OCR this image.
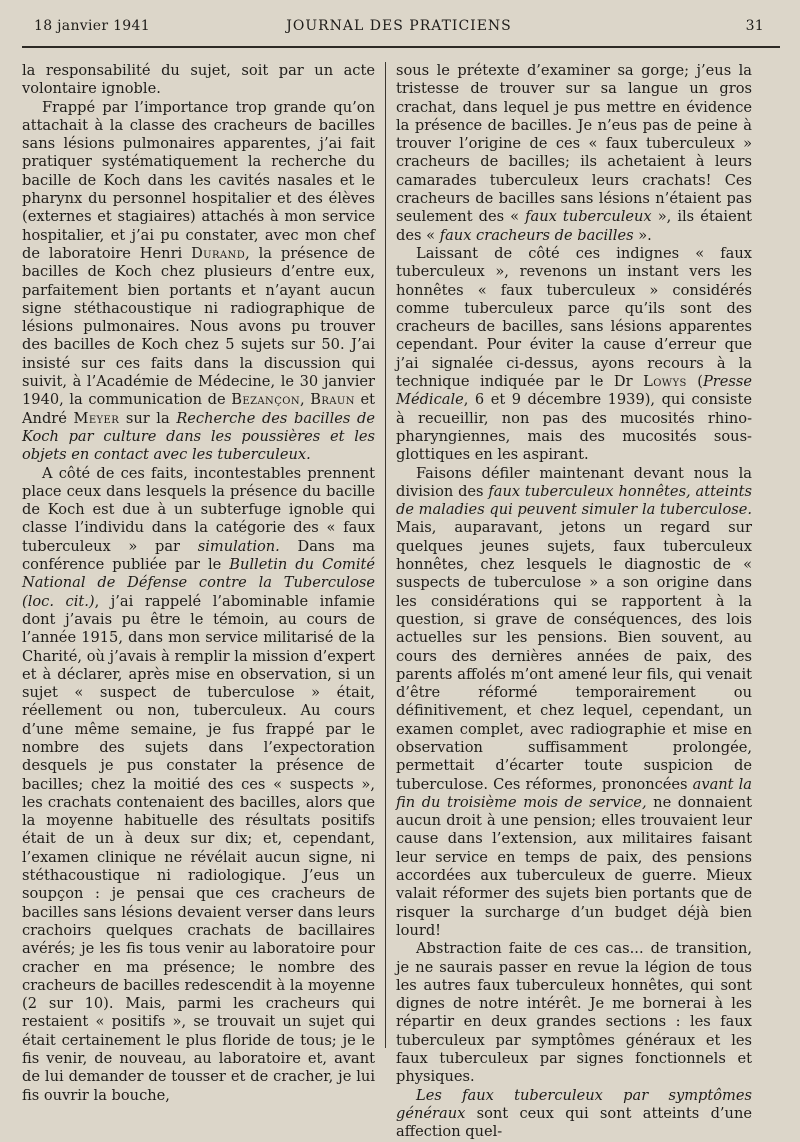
18 janvier 1941	JOURNAL DES PRATICIENS	31

la responsabilité du sujet, soit par un acte volontaire ignoble.

Frappé par l’importance trop grande qu’on attachait à la classe des cracheurs de bacilles sans lésions pulmonaires apparentes, j’ai fait pratiquer systématiquement la recherche du bacille de Koch dans les cavités nasales et le pharynx du personnel hospitalier et des élèves (externes et stagiaires) attachés à mon service hospitalier, et j’ai pu constater, avec mon chef de laboratoire Henri Durand, la présence de bacilles de Koch chez plusieurs d’entre eux, parfaitement bien portants et n’ayant aucun signe stéthacoustique ni radiographique de lésions pulmonaires. Nous avons pu trouver des bacilles de Koch chez 5 sujets sur 50. J’ai insisté sur ces faits dans la discussion qui suivit, à l’Académie de Médecine, le 30 janvier 1940, la communication de Bezançon, Braun et André Meyer sur la Recherche des bacilles de Koch par culture dans les poussières et les objets en contact avec les tuberculeux.

A côté de ces faits, incontestables prennent place ceux dans lesquels la présence du bacille de Koch est due à un subterfuge ignoble qui classe l’individu dans la catégorie des « faux tuberculeux » par simulation. Dans ma conférence publiée par le Bulletin du Comité National de Défense contre la Tuberculose (loc. cit.), j’ai rappelé l’abominable infamie dont j’avais pu être le témoin, au cours de l’année 1915, dans mon service militarisé de la Charité, où j’avais à remplir la mission d’expert et à déclarer, après mise en observation, si un sujet « suspect de tuberculose » était, réellement ou non, tuberculeux. Au cours d’une même semaine, je fus frappé par le nombre des sujets dans l’expectoration desquels je pus constater la présence de bacilles; chez la moitié des ces « suspects », les crachats contenaient des bacilles, alors que la moyenne habituelle des résultats positifs était de un à deux sur dix; et, cependant, l’examen clinique ne révélait aucun signe, ni stéthacoustique ni radiologique. J’eus un soupçon : je pensai que ces cracheurs de bacilles sans lésions devaient verser dans leurs crachoirs quelques crachats de bacillaires avérés; je les fis tous venir au laboratoire pour cracher en ma présence; le nombre des cracheurs de bacilles redescendit à la moyenne (2 sur 10). Mais, parmi les cracheurs qui restaient « positifs », se trouvait un sujet qui était certainement le plus floride de tous; je le fis venir, de nouveau, au laboratoire et, avant de lui demander de tousser et de cracher, je lui fis ouvrir la bouche,

sous le prétexte d’examiner sa gorge; j’eus la tristesse de trouver sur sa langue un gros crachat, dans lequel je pus mettre en évidence la présence de bacilles. Je n’eus pas de peine à trouver l’origine de ces « faux tuberculeux » cracheurs de bacilles; ils achetaient à leurs camarades tuberculeux leurs crachats! Ces cracheurs de bacilles sans lésions n’étaient pas seulement des « faux tuberculeux », ils étaient des « faux cracheurs de bacilles ».

Laissant de côté ces indignes « faux tuberculeux », revenons un instant vers les honnêtes « faux tuberculeux » considérés comme tuberculeux parce qu’ils sont des cracheurs de bacilles, sans lésions apparentes cependant. Pour éviter la cause d’erreur que j’ai signalée ci-dessus, ayons recours à la technique indiquée par le Dr Lowys (Presse Médicale, 6 et 9 décembre 1939), qui consiste à recueillir, non pas des mucosités rhino-pharyngiennes, mais des mucosités sous-glottiques en les aspirant.

Faisons défiler maintenant devant nous la division des faux tuberculeux honnêtes, atteints de maladies qui peuvent simuler la tuberculose. Mais, auparavant, jetons un regard sur quelques jeunes sujets, faux tuberculeux honnêtes, chez lesquels le diagnostic de « suspects de tuberculose » a son origine dans les considérations qui se rapportent à la question, si grave de conséquences, des lois actuelles sur les pensions. Bien souvent, au cours des dernières années de paix, des parents affolés m’ont amené leur fils, qui venait d’être réformé temporairement ou définitivement, et chez lequel, cependant, un examen complet, avec radiographie et mise en observation suffisamment prolongée, permettait d’écarter toute suspicion de tuberculose. Ces réformes, prononcées avant la fin du troisième mois de service, ne donnaient aucun droit à une pension; elles trouvaient leur cause dans l’extension, aux militaires faisant leur service en temps de paix, des pensions accordées aux tuberculeux de guerre. Mieux valait réformer des sujets bien portants que de risquer la surcharge d’un budget déjà bien lourd!

Abstraction faite de ces cas... de transition, je ne saurais passer en revue la légion de tous les autres faux tuberculeux honnêtes, qui sont dignes de notre intérêt. Je me bornerai à les répartir en deux grandes sections : les faux tuberculeux par symptômes généraux et les faux tuberculeux par signes fonctionnels et physiques.

Les faux tuberculeux par symptômes généraux sont ceux qui sont atteints d’une affection quel-
